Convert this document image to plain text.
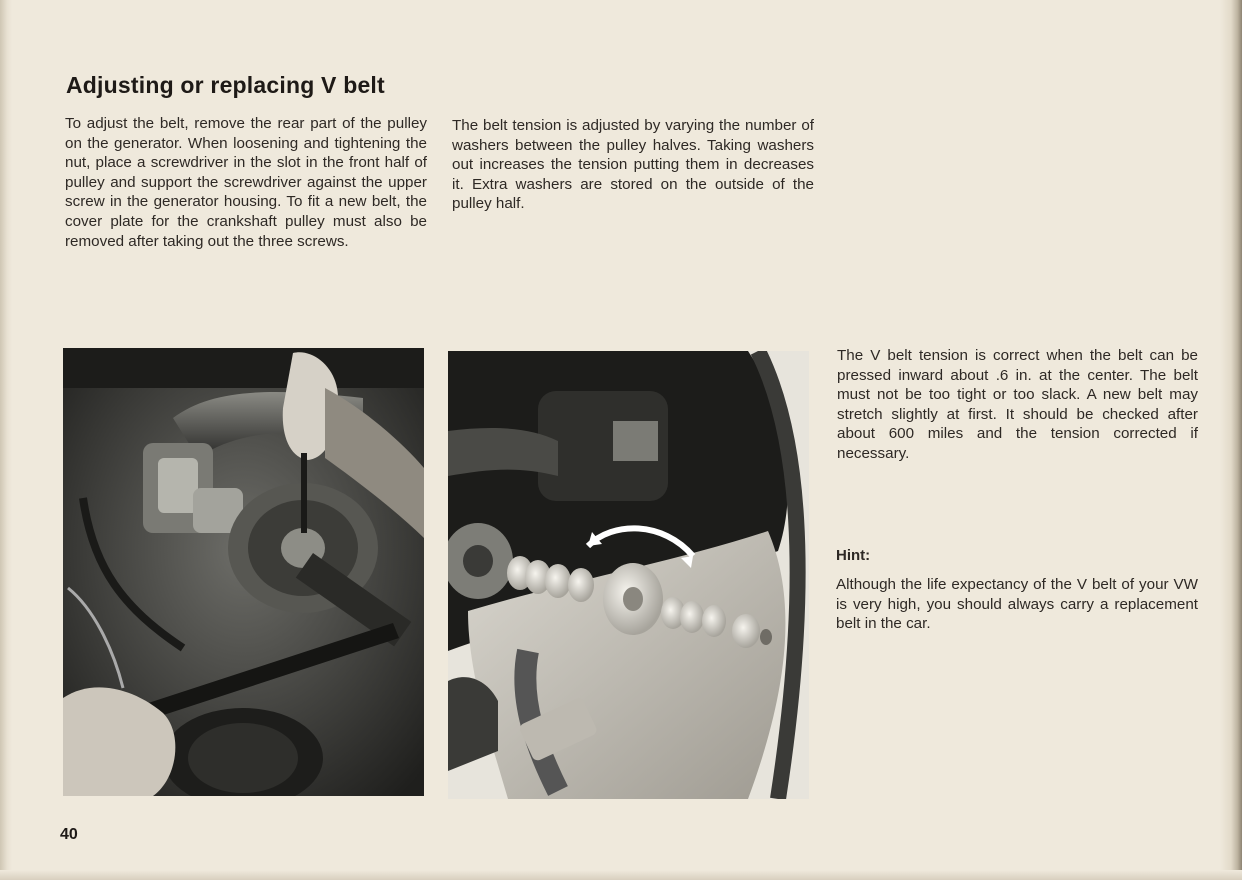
Adjusting or replacing V belt

To adjust the belt, remove the rear part of the pulley on the generator. When loosening and tightening the nut, place a screwdriver in the slot in the front half of pulley and support the screwdriver against the upper screw in the generator housing. To fit a new belt, the cover plate for the crankshaft pulley must also be removed after taking out the three screws.

The belt tension is adjusted by varying the number of washers between the pulley halves. Taking washers out increases the tension putting them in decreases it. Extra washers are stored on the outside of the pulley half.

The V belt tension is correct when the belt can be pressed inward about .6 in. at the center. The belt must not be too tight or too slack. A new belt may stretch slightly at first. It should be checked after about 600 miles and the tension corrected if necessary.

Hint:

Although the life expectancy of the V belt of your VW is very high, you should always carry a replacement belt in the car.

40
